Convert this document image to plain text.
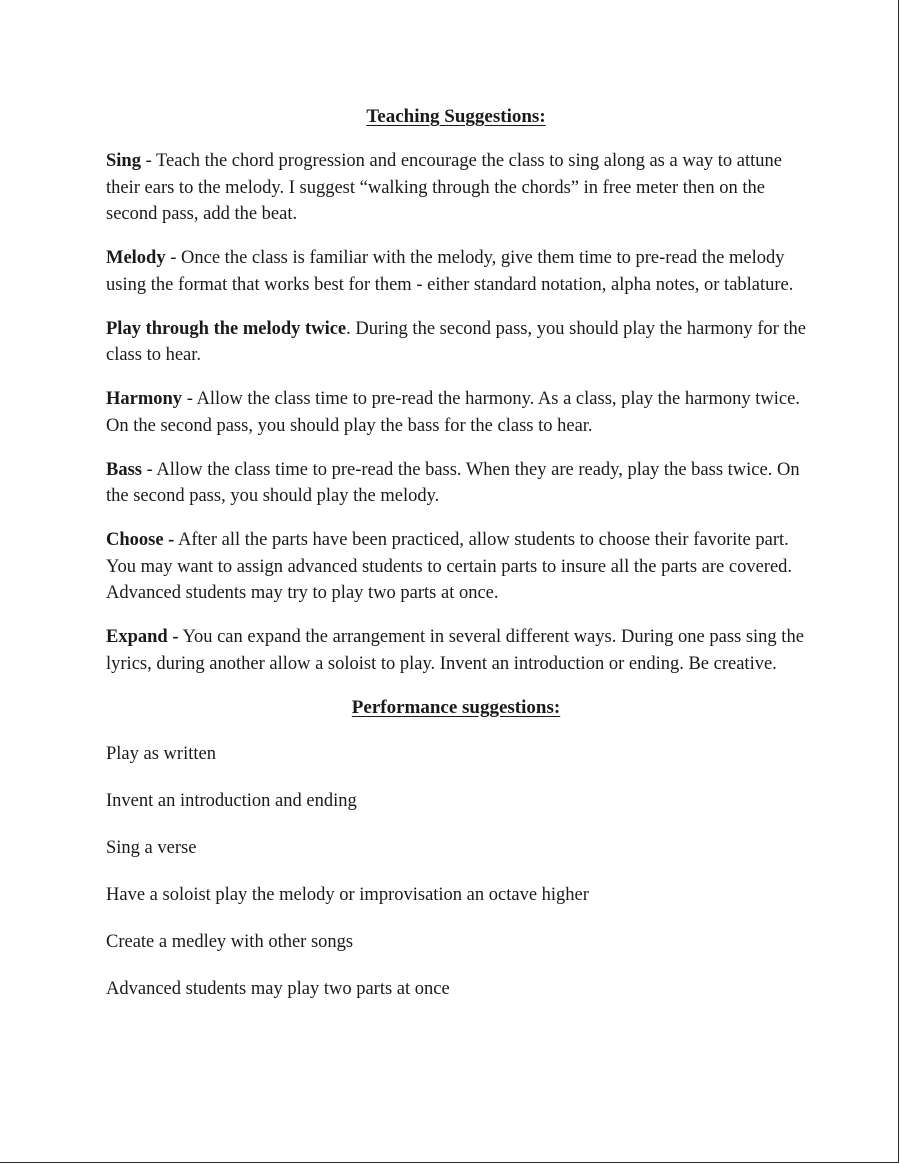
Teaching Suggestions:

Sing - Teach the chord progression and encourage the class to sing along as a way to attune their ears to the melody. I suggest “walking through the chords” in free meter then on the second pass, add the beat.

Melody - Once the class is familiar with the melody, give them time to pre-read the melody using the format that works best for them - either standard notation, alpha notes, or tablature.

Play through the melody twice. During the second pass, you should play the harmony for the class to hear.

Harmony - Allow the class time to pre-read the harmony. As a class, play the harmony twice. On the second pass, you should play the bass for the class to hear.

Bass - Allow the class time to pre-read the bass. When they are ready, play the bass twice. On the second pass, you should play the melody.

Choose - After all the parts have been practiced, allow students to choose their favorite part. You may want to assign advanced students to certain parts to insure all the parts are covered. Advanced students may try to play two parts at once.

Expand - You can expand the arrangement in several different ways. During one pass sing the lyrics, during another allow a soloist to play. Invent an introduction or ending. Be creative.

Performance suggestions:

Play as written

Invent an introduction and ending

Sing a verse

Have a soloist play the melody or improvisation an octave higher

Create a medley with other songs

Advanced students may play two parts at once
